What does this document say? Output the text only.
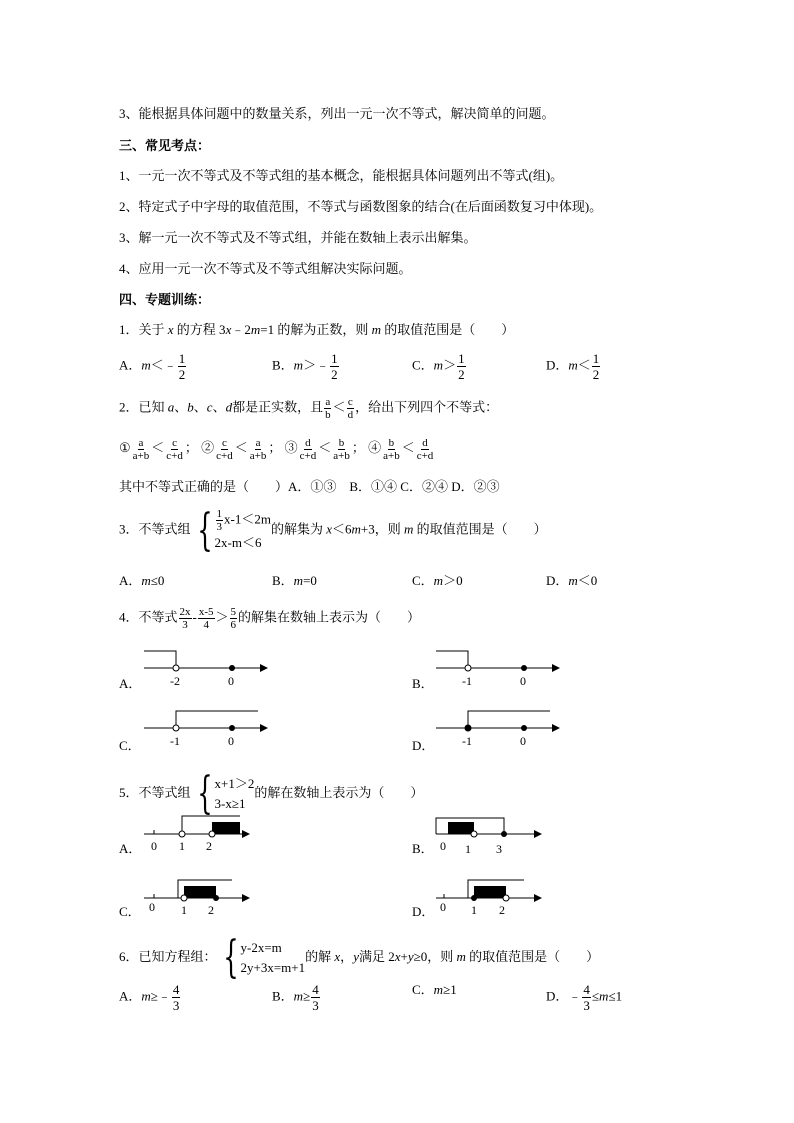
3、能根据具体问题中的数量关系，列出一元一次不等式，解决简单的问题。
三、常见考点：
1、一元一次不等式及不等式组的基本概念，能根据具体问题列出不等式(组)。
2、特定式子中字母的取值范围，不等式与函数图象的结合(在后面函数复习中体现)。
3、解一元一次不等式及不等式组，并能在数轴上表示出解集。
4、应用一元一次不等式及不等式组解决实际问题。
四、专题训练：
1．关于 x 的方程 3x﹣2m=1 的解为正数，则 m 的取值范围是（　　）
A．m＜﹣ $\frac{1}{2}$	B．m＞﹣ $\frac{1}{2}$	C．$m> \frac{1}{2}$	D．$m< \frac{1}{2}$
2．已知 a、b、c、d都是正实数，且 $\frac{a}{b} < \frac{c}{d}$ ，给出下列四个不等式：
① $\frac{a}{a+b} < \frac{c}{c+d}$ ； ② $\frac{c}{c+d} < \frac{a}{a+b}$ ； ③ $\frac{d}{c+d} < \frac{b}{a+b}$ ； ④ $\frac{b}{a+b} < \frac{d}{c+d}$
其中不等式正确的是（　　）A．①③　B．①④ C．②④ D．②③
3．不等式组 { $\frac{1}{3} x-1<2m$
2x-m＜6
的解集为 x＜6m+3，则 m 的取值范围是（　　）
A．m≤0	B．m=0	C．m＞0	D．m＜0
4．不等式 $\frac{2x}{3} - \frac{x-5}{4} > \frac{5}{6}$ 的解集在数轴上表示为（　　）
A． -2	0	B． -1	0
C． -1	0	D． -1	0
5．不等式组 { x+1＞2
3-x≥1
的解在数轴上表示为（　　）
A． 0 1 2	B． 0 1 3
C． 0 1 2	D． 0 1 2
6．已知方程组： { y-2x=m
2y+3x=m+1
的解 x，y满足 2x+y≥0，则 m 的取值范围是（　　）
A．m≥﹣ $\frac{4}{3}$	B．$m\ge \frac{4}{3}$	C．m≥1	D．﹣ $\frac{4}{3} \le m\le 1$
